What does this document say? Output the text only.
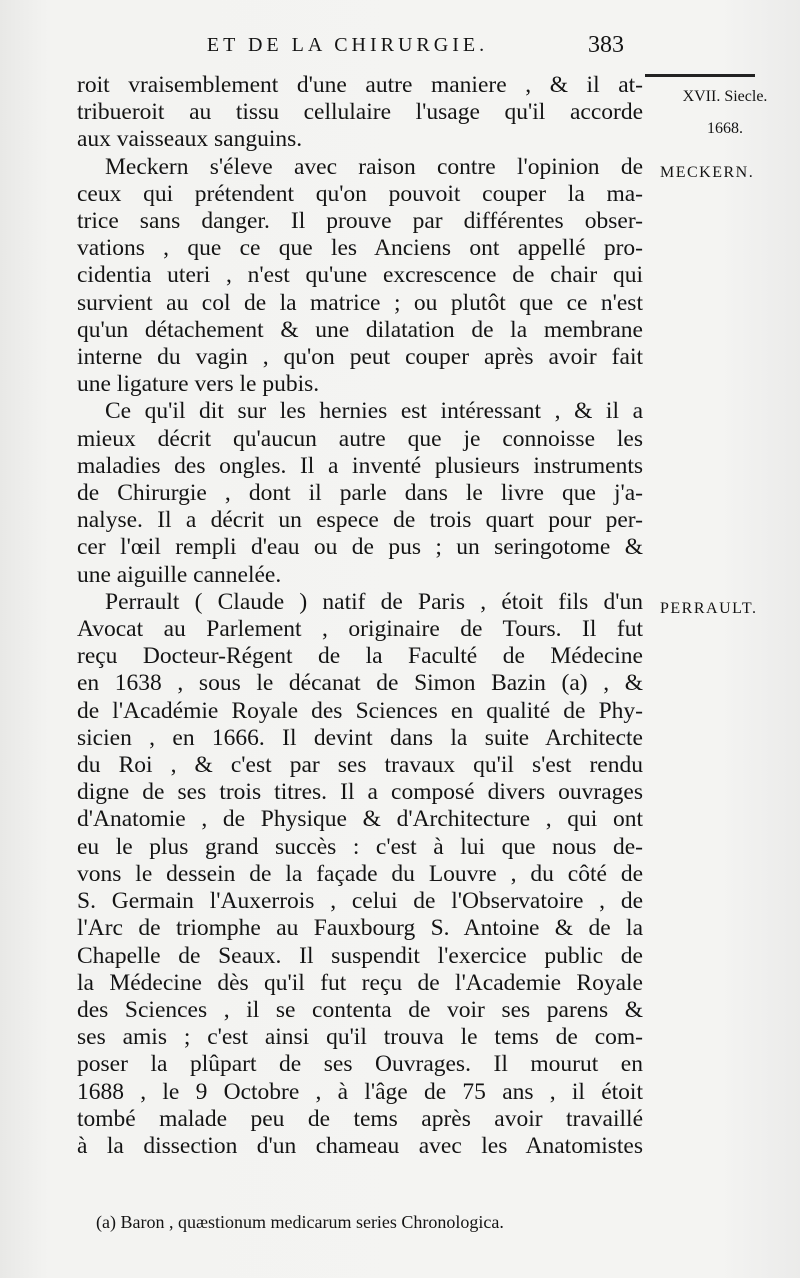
ET DE LA CHIRURGIE.	383
XVII. Siecle.
1668.
MECKERN.
PERRAULT.
roit vraisemblement d'une autre maniere , & il at-
tribueroit au tissu cellulaire l'usage qu'il accorde
aux vaisseaux sanguins.
Meckern s'éleve avec raison contre l'opinion de
ceux qui prétendent qu'on pouvoit couper la ma-
trice sans danger. Il prouve par différentes obser-
vations , que ce que les Anciens ont appellé pro-
cidentia uteri , n'est qu'une excrescence de chair qui
survient au col de la matrice ; ou plutôt que ce n'est
qu'un détachement & une dilatation de la membrane
interne du vagin , qu'on peut couper après avoir fait
une ligature vers le pubis.
Ce qu'il dit sur les hernies est intéressant , & il a
mieux décrit qu'aucun autre que je connoisse les
maladies des ongles. Il a inventé plusieurs instruments
de Chirurgie , dont il parle dans le livre que j'a-
nalyse. Il a décrit un espece de trois quart pour per-
cer l'œil rempli d'eau ou de pus ; un seringotome &
une aiguille cannelée.
Perrault ( Claude ) natif de Paris , étoit fils d'un
Avocat au Parlement , originaire de Tours. Il fut
reçu Docteur-Régent de la Faculté de Médecine
en 1638 , sous le décanat de Simon Bazin (a) , &
de l'Académie Royale des Sciences en qualité de Phy-
sicien , en 1666. Il devint dans la suite Architecte
du Roi , & c'est par ses travaux qu'il s'est rendu
digne de ses trois titres. Il a composé divers ouvrages
d'Anatomie , de Physique & d'Architecture , qui ont
eu le plus grand succès : c'est à lui que nous de-
vons le dessein de la façade du Louvre , du côté de
S. Germain l'Auxerrois , celui de l'Observatoire , de
l'Arc de triomphe au Fauxbourg S. Antoine & de la
Chapelle de Seaux. Il suspendit l'exercice public de
la Médecine dès qu'il fut reçu de l'Academie Royale
des Sciences , il se contenta de voir ses parens &
ses amis ; c'est ainsi qu'il trouva le tems de com-
poser la plûpart de ses Ouvrages. Il mourut en
1688 , le 9 Octobre , à l'âge de 75 ans , il étoit
tombé malade peu de tems après avoir travaillé
à la dissection d'un chameau avec les Anatomistes
(a) Baron , quæstionum medicarum series Chronologica.
